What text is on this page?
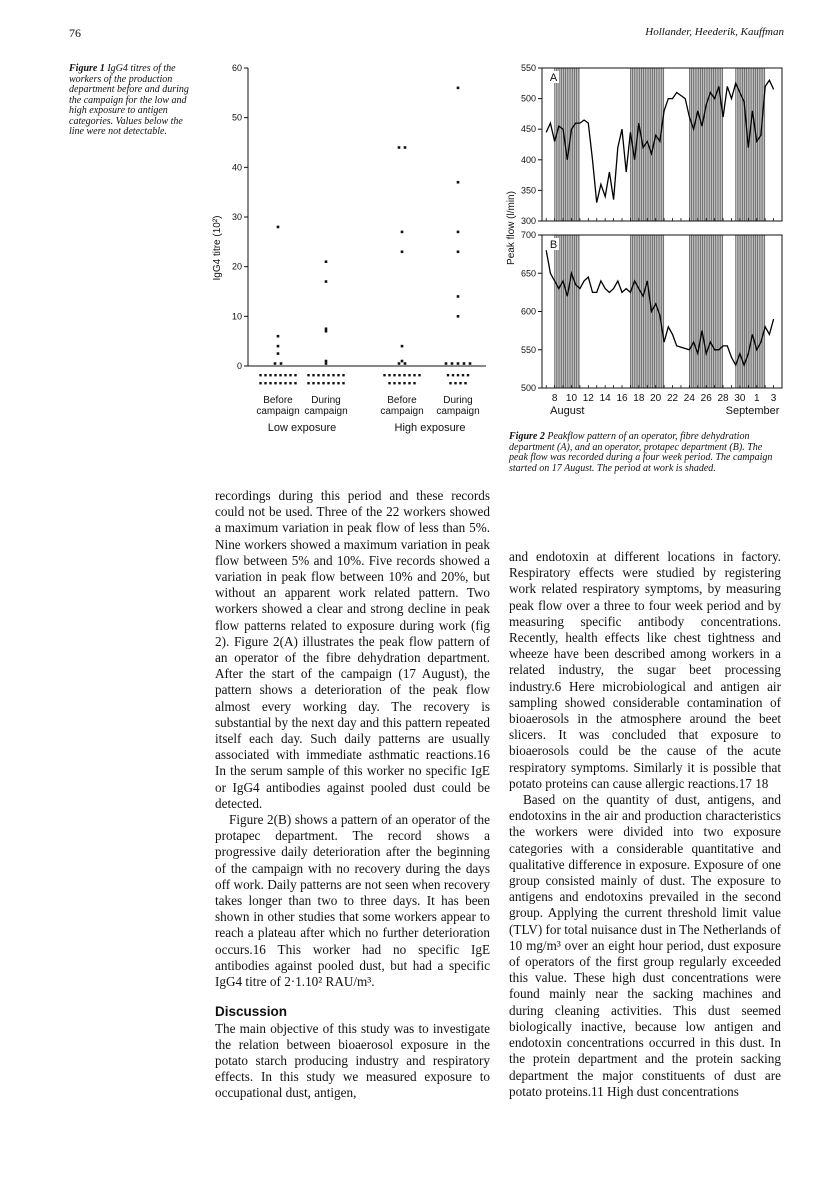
76	Hollander, Heederik, Kauffman
Figure 1 IgG4 titres of the workers of the production department before and during the campaign for the low and high exposure to antigen categories. Values below the line were not detectable.
0
10
20
30
40
50
60
IgG4 titre (10²)
Before
campaign
During
campaign
Before
campaign
During
campaign
Low exposure	High exposure
300
350
400
450
500
550
A
500
550
600
650
700
B
Peak flow (l/min)
8 10 12 14 16 18 20 22 24 26 28 30 1 3
August	September
Figure 2 Peakflow pattern of an operator, fibre dehydration department (A), and an operator, protapec department (B). The peak flow was recorded during a four week period. The campaign started on 17 August. The period at work is shaded.

recordings during this period and these records could not be used. Three of the 22 workers showed a maximum variation in peak flow of less than 5%. Nine workers showed a maximum variation in peak flow between 5% and 10%. Five records showed a variation in peak flow between 10% and 20%, but without an apparent work related pattern. Two workers showed a clear and strong decline in peak flow patterns related to exposure during work (fig 2). Figure 2(A) illustrates the peak flow pattern of an operator of the fibre dehydration department. After the start of the campaign (17 August), the pattern shows a deterioration of the peak flow almost every working day. The recovery is substantial by the next day and this pattern repeated itself each day. Such daily patterns are usually associated with immediate asthmatic reactions.16 In the serum sample of this worker no specific IgE or IgG4 antibodies against pooled dust could be detected.

Figure 2(B) shows a pattern of an operator of the protapec department. The record shows a progressive daily deterioration after the beginning of the campaign with no recovery during the days off work. Daily patterns are not seen when recovery takes longer than two to three days. It has been shown in other studies that some workers appear to reach a plateau after which no further deterioration occurs.16 This worker had no specific IgE antibodies against pooled dust, but had a specific IgG4 titre of 2·1.10² RAU/m³.

Discussion

The main objective of this study was to investigate the relation between bioaerosol exposure in the potato starch producing industry and respiratory effects. In this study we measured exposure to occupational dust, antigen,

and endotoxin at different locations in factory. Respiratory effects were studied by registering work related respiratory symptoms, by measuring peak flow over a three to four week period and by measuring specific antibody concentrations. Recently, health effects like chest tightness and wheeze have been described among workers in a related industry, the sugar beet processing industry.6 Here microbiological and antigen air sampling showed considerable contamination of bioaerosols in the atmosphere around the beet slicers. It was concluded that exposure to bioaerosols could be the cause of the acute respiratory symptoms. Similarly it is possible that potato proteins can cause allergic reactions.17 18

Based on the quantity of dust, antigens, and endotoxins in the air and production characteristics the workers were divided into two exposure categories with a considerable quantitative and qualitative difference in exposure. Exposure of one group consisted mainly of dust. The exposure to antigens and endotoxins prevailed in the second group. Applying the current threshold limit value (TLV) for total nuisance dust in The Netherlands of 10 mg/m³ over an eight hour period, dust exposure of operators of the first group regularly exceeded this value. These high dust concentrations were found mainly near the sacking machines and during cleaning activities. This dust seemed biologically inactive, because low antigen and endotoxin concentrations occurred in this dust. In the protein department and the protein sacking department the major constituents of dust are potato proteins.11 High dust concentrations
